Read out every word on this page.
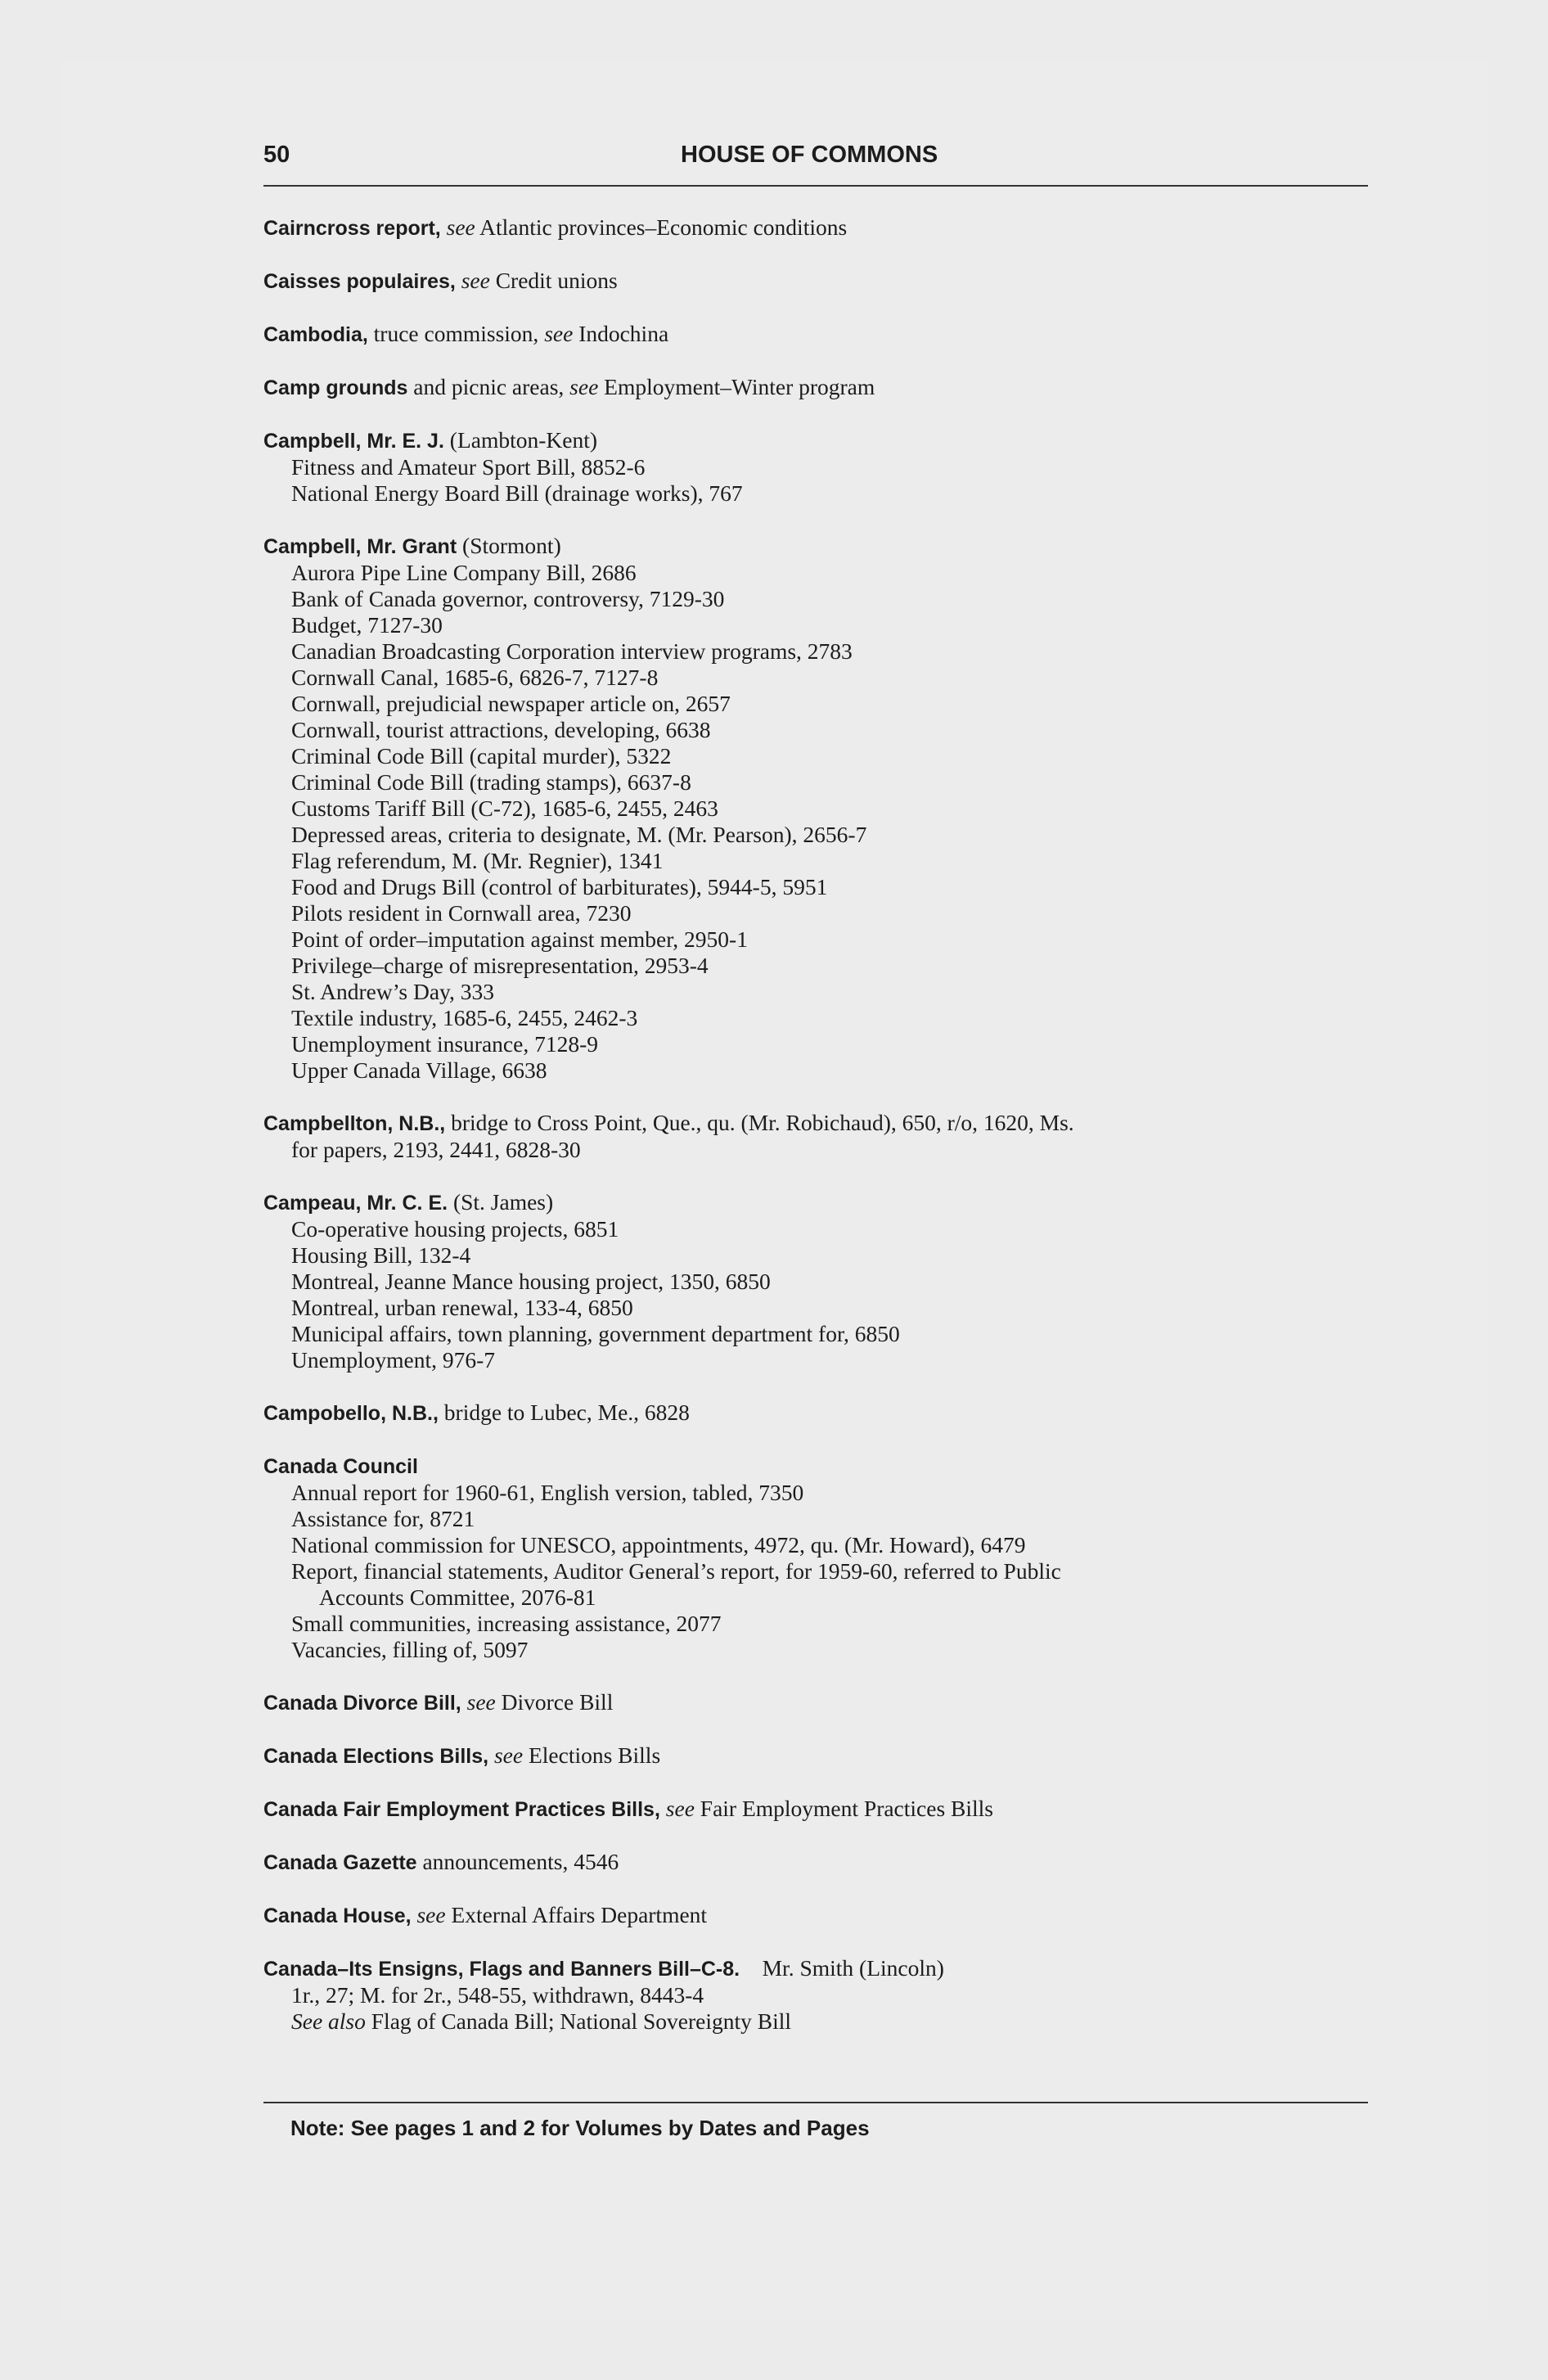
50	HOUSE OF COMMONS
Cairncross report, see Atlantic provinces–Economic conditions
Caisses populaires, see Credit unions
Cambodia, truce commission, see Indochina
Camp grounds and picnic areas, see Employment–Winter program
Campbell, Mr. E. J. (Lambton-Kent)
Fitness and Amateur Sport Bill, 8852-6
National Energy Board Bill (drainage works), 767
Campbell, Mr. Grant (Stormont)
Aurora Pipe Line Company Bill, 2686
Bank of Canada governor, controversy, 7129-30
Budget, 7127-30
Canadian Broadcasting Corporation interview programs, 2783
Cornwall Canal, 1685-6, 6826-7, 7127-8
Cornwall, prejudicial newspaper article on, 2657
Cornwall, tourist attractions, developing, 6638
Criminal Code Bill (capital murder), 5322
Criminal Code Bill (trading stamps), 6637-8
Customs Tariff Bill (C-72), 1685-6, 2455, 2463
Depressed areas, criteria to designate, M. (Mr. Pearson), 2656-7
Flag referendum, M. (Mr. Regnier), 1341
Food and Drugs Bill (control of barbiturates), 5944-5, 5951
Pilots resident in Cornwall area, 7230
Point of order–imputation against member, 2950-1
Privilege–charge of misrepresentation, 2953-4
St. Andrew’s Day, 333
Textile industry, 1685-6, 2455, 2462-3
Unemployment insurance, 7128-9
Upper Canada Village, 6638
Campbellton, N.B., bridge to Cross Point, Que., qu. (Mr. Robichaud), 650, r/o, 1620, Ms.
for papers, 2193, 2441, 6828-30
Campeau, Mr. C. E. (St. James)
Co-operative housing projects, 6851
Housing Bill, 132-4
Montreal, Jeanne Mance housing project, 1350, 6850
Montreal, urban renewal, 133-4, 6850
Municipal affairs, town planning, government department for, 6850
Unemployment, 976-7
Campobello, N.B., bridge to Lubec, Me., 6828
Canada Council
Annual report for 1960-61, English version, tabled, 7350
Assistance for, 8721
National commission for UNESCO, appointments, 4972, qu. (Mr. Howard), 6479
Report, financial statements, Auditor General’s report, for 1959-60, referred to Public
Accounts Committee, 2076-81
Small communities, increasing assistance, 2077
Vacancies, filling of, 5097
Canada Divorce Bill, see Divorce Bill
Canada Elections Bills, see Elections Bills
Canada Fair Employment Practices Bills, see Fair Employment Practices Bills
Canada Gazette announcements, 4546
Canada House, see External Affairs Department
Canada–Its Ensigns, Flags and Banners Bill–C-8. Mr. Smith (Lincoln)
1r., 27; M. for 2r., 548-55, withdrawn, 8443-4
See also Flag of Canada Bill; National Sovereignty Bill
Note: See pages 1 and 2 for Volumes by Dates and Pages
